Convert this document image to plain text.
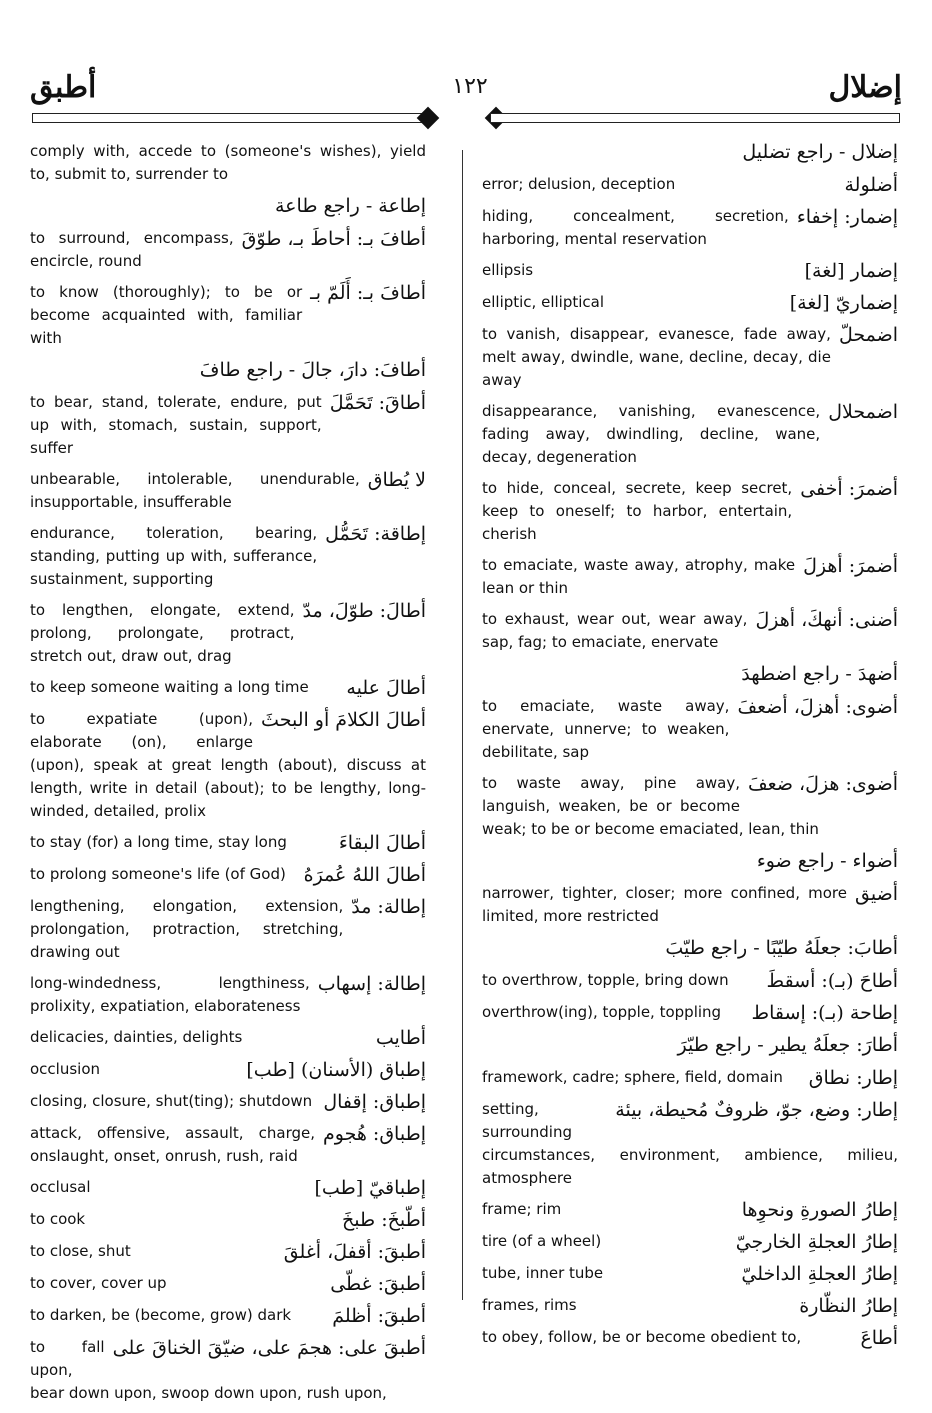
أطبق	١٢٢	إضلال
comply with, accede to (someone's wishes), yield to, submit to, surrender to
إطاعة - راجع طاعة
أطافَ بـ: أحاطَ بـ، طوّقَ
to surround, encompass, encircle, round
أطافَ بـ: أَلَمّ بـ
to know (thoroughly); to be or become acquainted with, familiar with
أطافَ: دارَ، جالَ - راجع طافَ
أطاقَ: تَحَمَّلَ
to bear, stand, tolerate, endure, put up with, stomach, sustain, support, suffer
لا يُطاق
unbearable, intolerable, unendurable, insupportable, insufferable
إطاقة: تَحَمُّل
endurance, toleration, bearing, standing, putting up with, sufferance, sustainment, supporting
أطالَ: طوّلَ، مدّ
to lengthen, elongate, extend, prolong, prolongate, protract, stretch out, draw out, drag
أطالَ عليه
to keep someone waiting a long time
أطالَ الكلامَ أو البحثَ
to expatiate (upon), elaborate (on), enlarge (upon), speak at great length (about), discuss at length, write in detail (about); to be lengthy, long-winded, detailed, prolix
أطالَ البقاءَ
to stay (for) a long time, stay long
أطالَ اللهُ عُمرَهُ
to prolong someone's life (of God)
إطالة: مدّ
lengthening, elongation, extension, prolongation, protraction, stretching, drawing out
إطالة: إسهاب
long-windedness, lengthiness, prolixity, expatiation, elaborateness
أطايب
delicacies, dainties, delights
إطباق (الأسنان) [طب]
occlusion
إطباق: إقفال
closing, closure, shut(ting); shutdown
إطباق: هُجوم
attack, offensive, assault, charge, onslaught, onset, onrush, rush, raid
إطباقيّ [طب]
occlusal
أطّبخَ: طبخَ
to cook
أطبقَ: أقفلَ، أغلقَ
to close, shut
أطبقَ: غطّى
to cover, cover up
أطبقَ: أظلمَ
to darken, be (become, grow) dark
أطبقَ على: هجمَ على، ضيّقَ الخناقَ على
to fall upon, bear down upon, swoop down upon, rush upon,
إضلال - راجع تضليل
أضلولة
error; delusion, deception
إضمار: إخفاء
hiding, concealment, secretion, harboring, mental reservation
إضمار [لغة]
ellipsis
إضماريّ [لغة]
elliptic, elliptical
اضمحلّ
to vanish, disappear, evanesce, fade away, melt away, dwindle, wane, decline, decay, die away
اضمحلال
disappearance, vanishing, evanescence, fading away, dwindling, decline, wane, decay, degeneration
أضمرَ: أخفى
to hide, conceal, secrete, keep secret, keep to oneself; to harbor, entertain, cherish
أضمرَ: أهزلَ
to emaciate, waste away, atrophy, make lean or thin
أضنى: أنهكَ، أهزلَ
to exhaust, wear out, wear away, sap, fag; to emaciate, enervate
أضهدَ - راجع اضطهدَ
أضوى: أهزلَ، أضعفَ
to emaciate, waste away, enervate, unnerve; to weaken, debilitate, sap
أضوى: هزلَ، ضعفَ
to waste away, pine away, languish, weaken, be or become weak; to be or become emaciated, lean, thin
أضواء - راجع ضوء
أضيق
narrower, tighter, closer; more confined, more limited, more restricted
أطابَ: جعلَهُ طيّبًا - راجع طيّبَ
أطاحَ (بـ): أسقطَ
to overthrow, topple, bring down
إطاحة (بـ): إسقاط
overthrow(ing), topple, toppling
أطارَ: جعلَهُ يطير - راجع طيّرَ
إطار: نطاق
framework, cadre; sphere, field, domain
إطار: وضع، جوّ، ظروفٌ مُحيطة، بيئة
setting, surrounding circumstances, environment, ambience, milieu, atmosphere
إطارُ الصورةِ ونحوِها
frame; rim
إطارُ العجلةِ الخارجيّ
tire (of a wheel)
إطارُ العجلةِ الداخليّ
tube, inner tube
إطارُ النظّارة
frames, rims
أطاعَ
to obey, follow, be or become obedient to,
